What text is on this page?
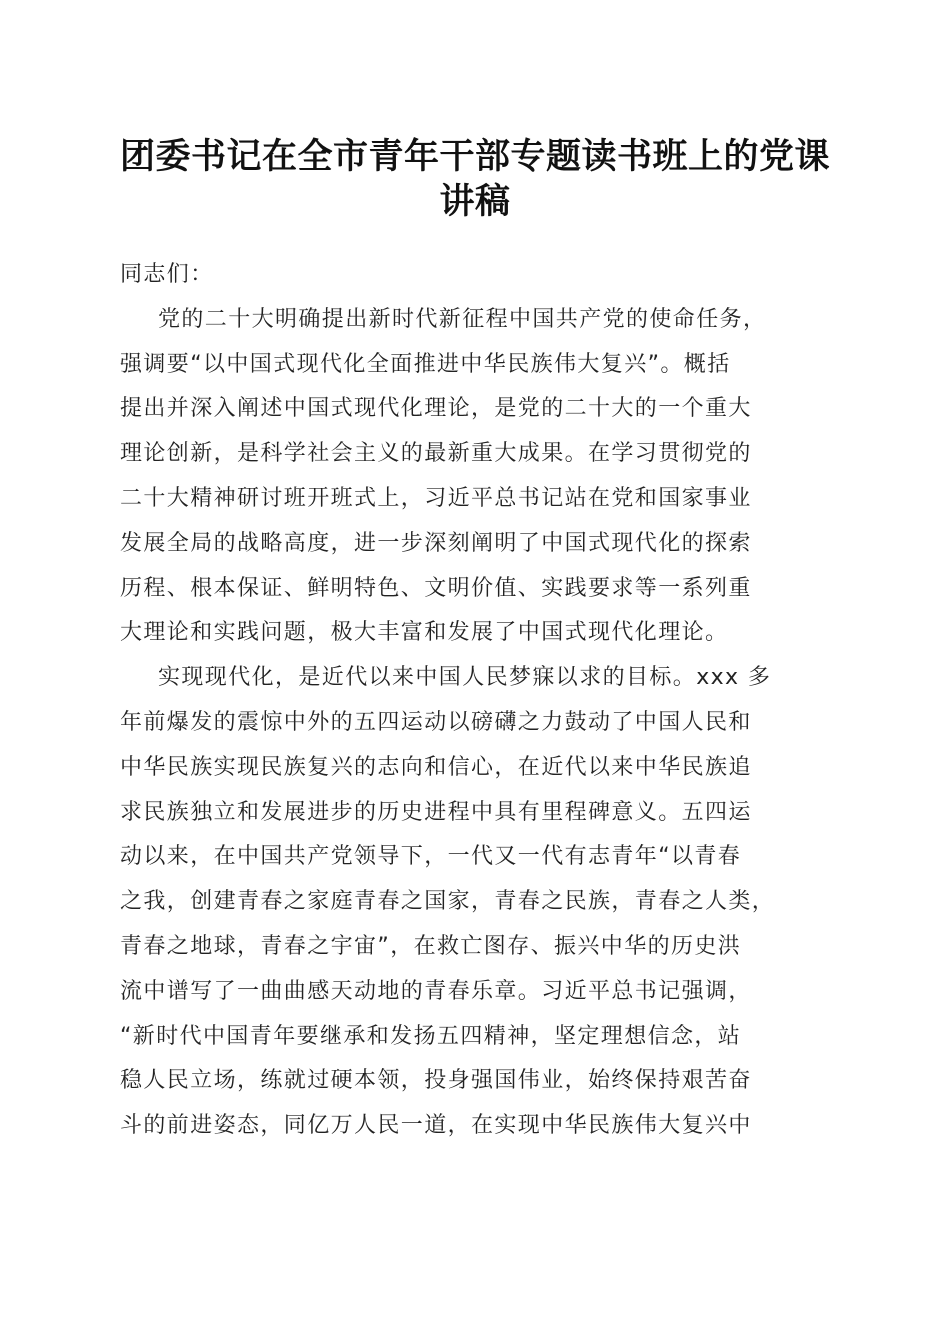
团委书记在全市青年干部专题读书班上的党课
讲稿
同志们：
党的二十大明确提出新时代新征程中国共产党的使命任务，
强调要“以中国式现代化全面推进中华民族伟大复兴”。概括
提出并深入阐述中国式现代化理论，是党的二十大的一个重大
理论创新，是科学社会主义的最新重大成果。在学习贯彻党的
二十大精神研讨班开班式上，习近平总书记站在党和国家事业
发展全局的战略高度，进一步深刻阐明了中国式现代化的探索
历程、根本保证、鲜明特色、文明价值、实践要求等一系列重
大理论和实践问题，极大丰富和发展了中国式现代化理论。
实现现代化，是近代以来中国人民梦寐以求的目标。xxx 多
年前爆发的震惊中外的五四运动以磅礴之力鼓动了中国人民和
中华民族实现民族复兴的志向和信心，在近代以来中华民族追
求民族独立和发展进步的历史进程中具有里程碑意义。五四运
动以来，在中国共产党领导下，一代又一代有志青年“以青春
之我，创建青春之家庭青春之国家，青春之民族，青春之人类，
青春之地球，青春之宇宙”，在救亡图存、振兴中华的历史洪
流中谱写了一曲曲感天动地的青春乐章。习近平总书记强调，
“新时代中国青年要继承和发扬五四精神，坚定理想信念，站
稳人民立场，练就过硬本领，投身强国伟业，始终保持艰苦奋
斗的前进姿态，同亿万人民一道，在实现中华民族伟大复兴中
